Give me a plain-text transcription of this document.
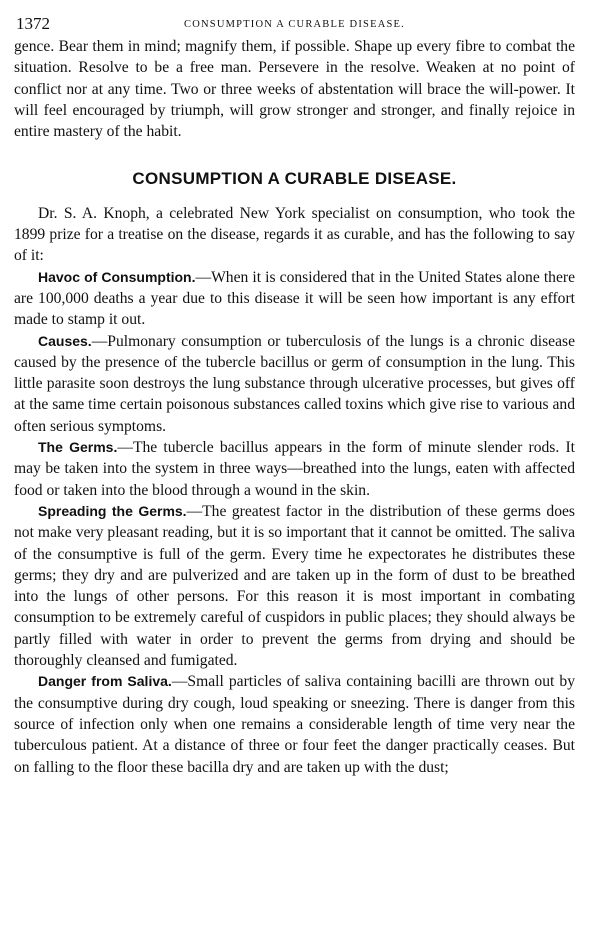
1372	CONSUMPTION A CURABLE DISEASE.

gence. Bear them in mind; magnify them, if possible. Shape up every fibre to combat the situation. Resolve to be a free man. Persevere in the resolve. Weaken at no point of conflict nor at any time. Two or three weeks of abstentation will brace the will-power. It will feel encouraged by triumph, will grow stronger and stronger, and finally rejoice in entire mastery of the habit.

CONSUMPTION A CURABLE DISEASE.

Dr. S. A. Knoph, a celebrated New York specialist on consumption, who took the 1899 prize for a treatise on the disease, regards it as curable, and has the following to say of it:

Havoc of Consumption.—When it is considered that in the United States alone there are 100,000 deaths a year due to this disease it will be seen how important is any effort made to stamp it out.

Causes.—Pulmonary consumption or tuberculosis of the lungs is a chronic disease caused by the presence of the tubercle bacillus or germ of consumption in the lung. This little parasite soon destroys the lung substance through ulcerative processes, but gives off at the same time certain poisonous substances called toxins which give rise to various and often serious symptoms.

The Germs.—The tubercle bacillus appears in the form of minute slender rods. It may be taken into the system in three ways—breathed into the lungs, eaten with affected food or taken into the blood through a wound in the skin.

Spreading the Germs.—The greatest factor in the distribution of these germs does not make very pleasant reading, but it is so important that it cannot be omitted. The saliva of the consumptive is full of the germ. Every time he expectorates he distributes these germs; they dry and are pulverized and are taken up in the form of dust to be breathed into the lungs of other persons. For this reason it is most important in combating consumption to be extremely careful of cuspidors in public places; they should always be partly filled with water in order to prevent the germs from drying and should be thoroughly cleansed and fumigated.

Danger from Saliva.—Small particles of saliva containing bacilli are thrown out by the consumptive during dry cough, loud speaking or sneezing. There is danger from this source of infection only when one remains a considerable length of time very near the tuberculous patient. At a distance of three or four feet the danger practically ceases. But on falling to the floor these bacilla dry and are taken up with the dust;
